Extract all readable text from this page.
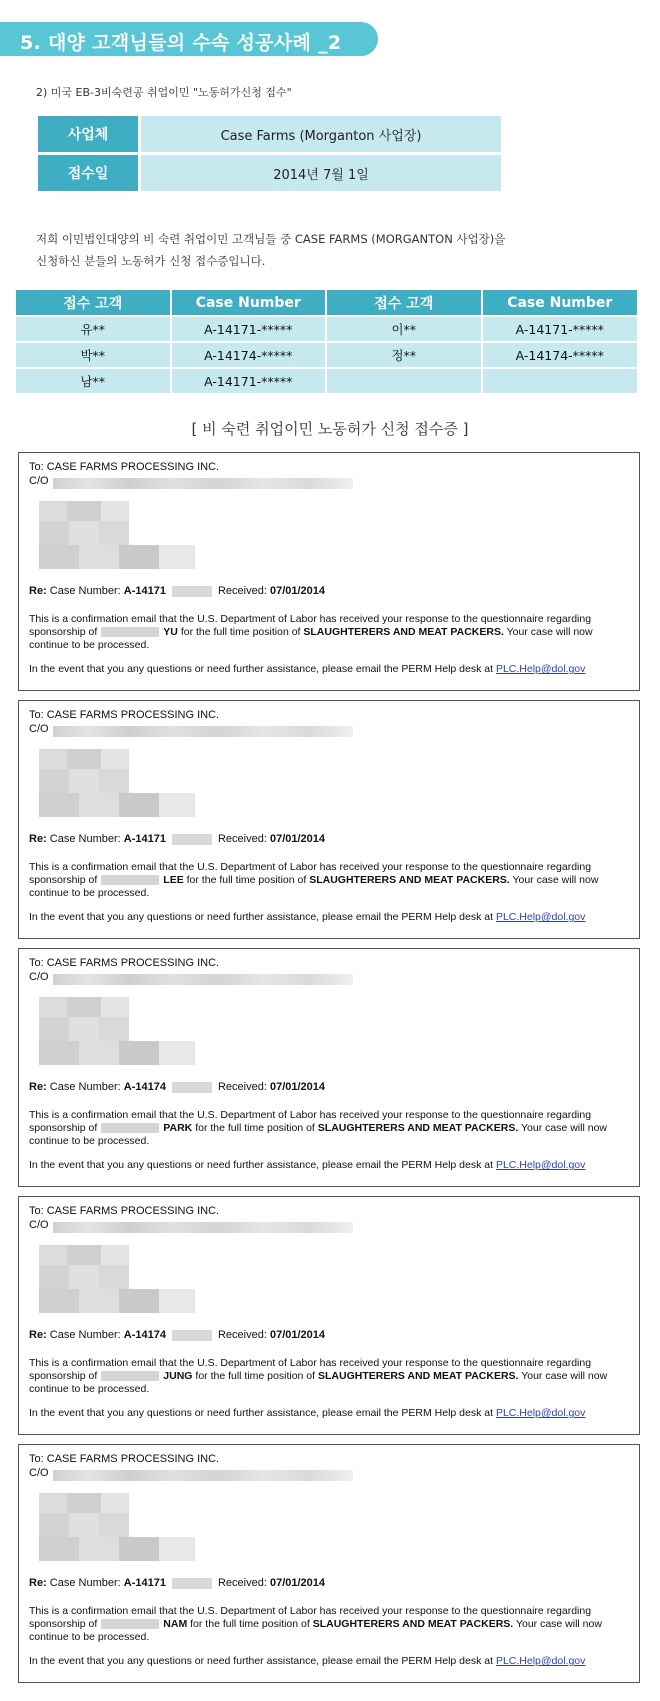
5. 대양 고객님들의 수속 성공사례 _2
2) 미국 EB-3비숙련공 취업이민 "노동허가신청 접수"
사업체	Case Farms (Morganton 사업장)
접수일	2014년 7월 1일
저희 이민법인대양의 비 숙련 취업이민 고객님들 중 CASE FARMS (MORGANTON 사업장)을
신청하신 분들의 노동허가 신청 접수증입니다.
접수 고객	Case Number	접수 고객	Case Number
유**	A-14171-*****	이**	A-14171-*****
박**	A-14174-*****	정**	A-14174-*****
남**	A-14171-*****
[ 비 숙련 취업이민 노동허가 신청 접수증 ]
To: CASE FARMS PROCESSING INC.
C/O
Re: Case Number: A-14171	Received: 07/01/2014
This is a confirmation email that the U.S. Department of Labor has received your response to the questionnaire regarding sponsorship of	YU for the full time position of SLAUGHTERERS AND MEAT PACKERS. Your case will now continue to be processed.
In the event that you any questions or need further assistance, please email the PERM Help desk at PLC.Help@dol.gov
To: CASE FARMS PROCESSING INC.
C/O
Re: Case Number: A-14171	Received: 07/01/2014
This is a confirmation email that the U.S. Department of Labor has received your response to the questionnaire regarding sponsorship of	LEE for the full time position of SLAUGHTERERS AND MEAT PACKERS. Your case will now continue to be processed.
In the event that you any questions or need further assistance, please email the PERM Help desk at PLC.Help@dol.gov
To: CASE FARMS PROCESSING INC.
C/O
Re: Case Number: A-14174	Received: 07/01/2014
This is a confirmation email that the U.S. Department of Labor has received your response to the questionnaire regarding sponsorship of	PARK for the full time position of SLAUGHTERERS AND MEAT PACKERS. Your case will now continue to be processed.
In the event that you any questions or need further assistance, please email the PERM Help desk at PLC.Help@dol.gov
To: CASE FARMS PROCESSING INC.
C/O
Re: Case Number: A-14174	Received: 07/01/2014
This is a confirmation email that the U.S. Department of Labor has received your response to the questionnaire regarding sponsorship of	JUNG for the full time position of SLAUGHTERERS AND MEAT PACKERS. Your case will now continue to be processed.
In the event that you any questions or need further assistance, please email the PERM Help desk at PLC.Help@dol.gov
To: CASE FARMS PROCESSING INC.
C/O
Re: Case Number: A-14171	Received: 07/01/2014
This is a confirmation email that the U.S. Department of Labor has received your response to the questionnaire regarding sponsorship of	NAM for the full time position of SLAUGHTERERS AND MEAT PACKERS. Your case will now continue to be processed.
In the event that you any questions or need further assistance, please email the PERM Help desk at PLC.Help@dol.gov
